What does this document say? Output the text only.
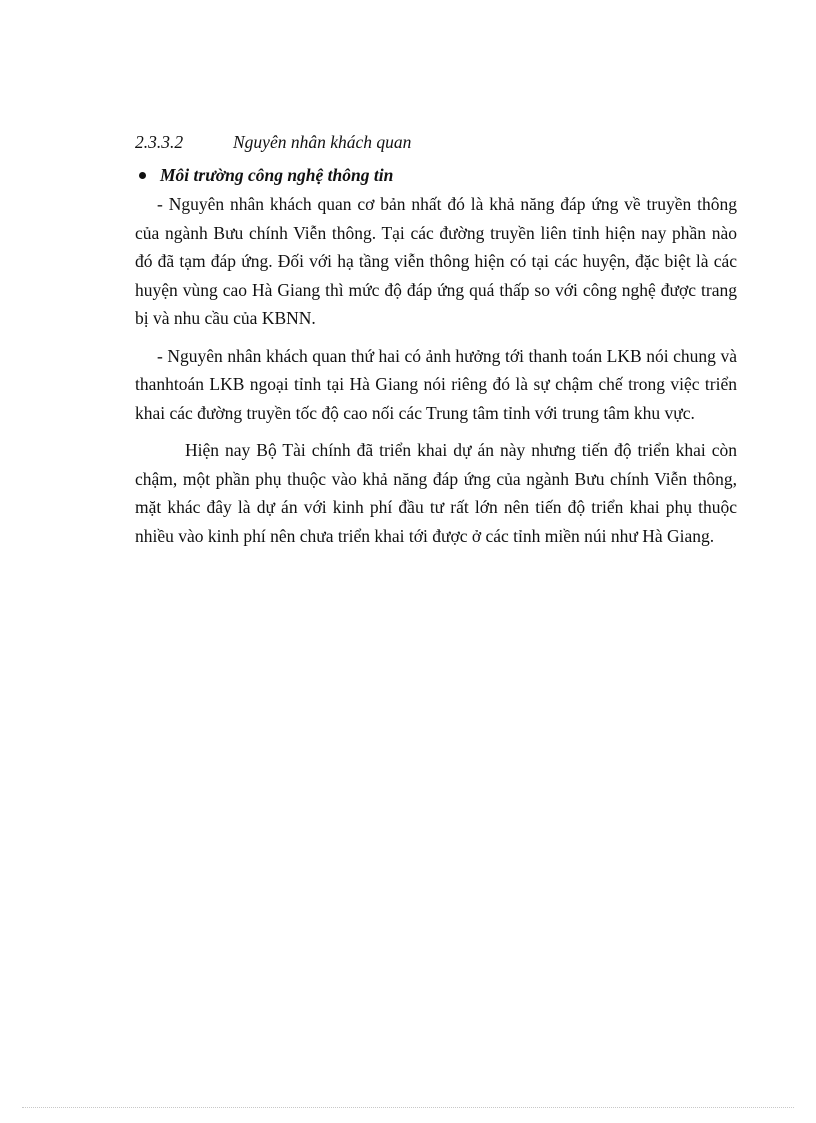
2.3.3.2	Nguyên nhân khách quan
Môi trường công nghệ thông tin

- Nguyên nhân khách quan cơ bản nhất đó là khả năng đáp ứng về truyền thông của ngành Bưu chính Viễn thông. Tại các đường truyền liên tỉnh hiện nay phần nào đó đã tạm đáp ứng. Đối với hạ tầng viễn thông hiện có tại các huyện, đặc biệt là các huyện vùng cao Hà Giang thì mức độ đáp ứng quá thấp so với công nghệ được trang bị và nhu cầu của KBNN.

- Nguyên nhân khách quan thứ hai có ảnh hưởng tới thanh toán LKB nói chung và thanhtoán LKB ngoại tỉnh tại Hà Giang nói riêng đó là sự chậm chế trong việc triển khai các đường truyền tốc độ cao nối các Trung tâm tỉnh với trung tâm khu vực.

Hiện nay Bộ Tài chính đã triển khai dự án này nhưng tiến độ triển khai còn chậm, một phần phụ thuộc vào khả năng đáp ứng của ngành Bưu chính Viễn thông, mặt khác đây là dự án với kinh phí đầu tư rất lớn nên tiến độ triển khai phụ thuộc nhiều vào kinh phí nên chưa triển khai tới được ở các tỉnh miền núi như Hà Giang.
